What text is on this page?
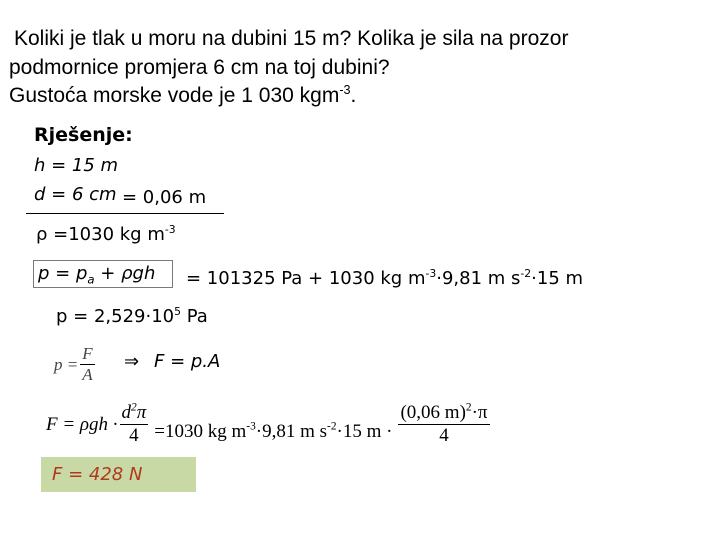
Koliki je tlak u moru na dubini 15 m? Kolika je sila na prozor
podmornice promjera 6 cm na toj dubini?
Gustoća morske vode je 1 030 kgm$^{-3}$.
Rješenje:
h = 15 m
d = 6 cm = 0,06 m
ρ =1030 kg $m^{-3}$
$p = p_a + \rho gh$	= 101325 Pa + 1030 kg $m^{-3}\cdot 9,81$ m $s^{-2}\cdot 15$ m
$p = 2,529\cdot 10^5$ Pa
$p = \frac{F}{A}$ ⇒ F = p.A
$F = \rho gh \cdot \frac{d^2\pi}{4} =1030$ kg $m^{-3}\cdot 9,81$ m $s^{-2}\cdot 15$ $m \cdot \frac{(0,06 m)^2\cdot\pi}{4}$
F = 428 N
